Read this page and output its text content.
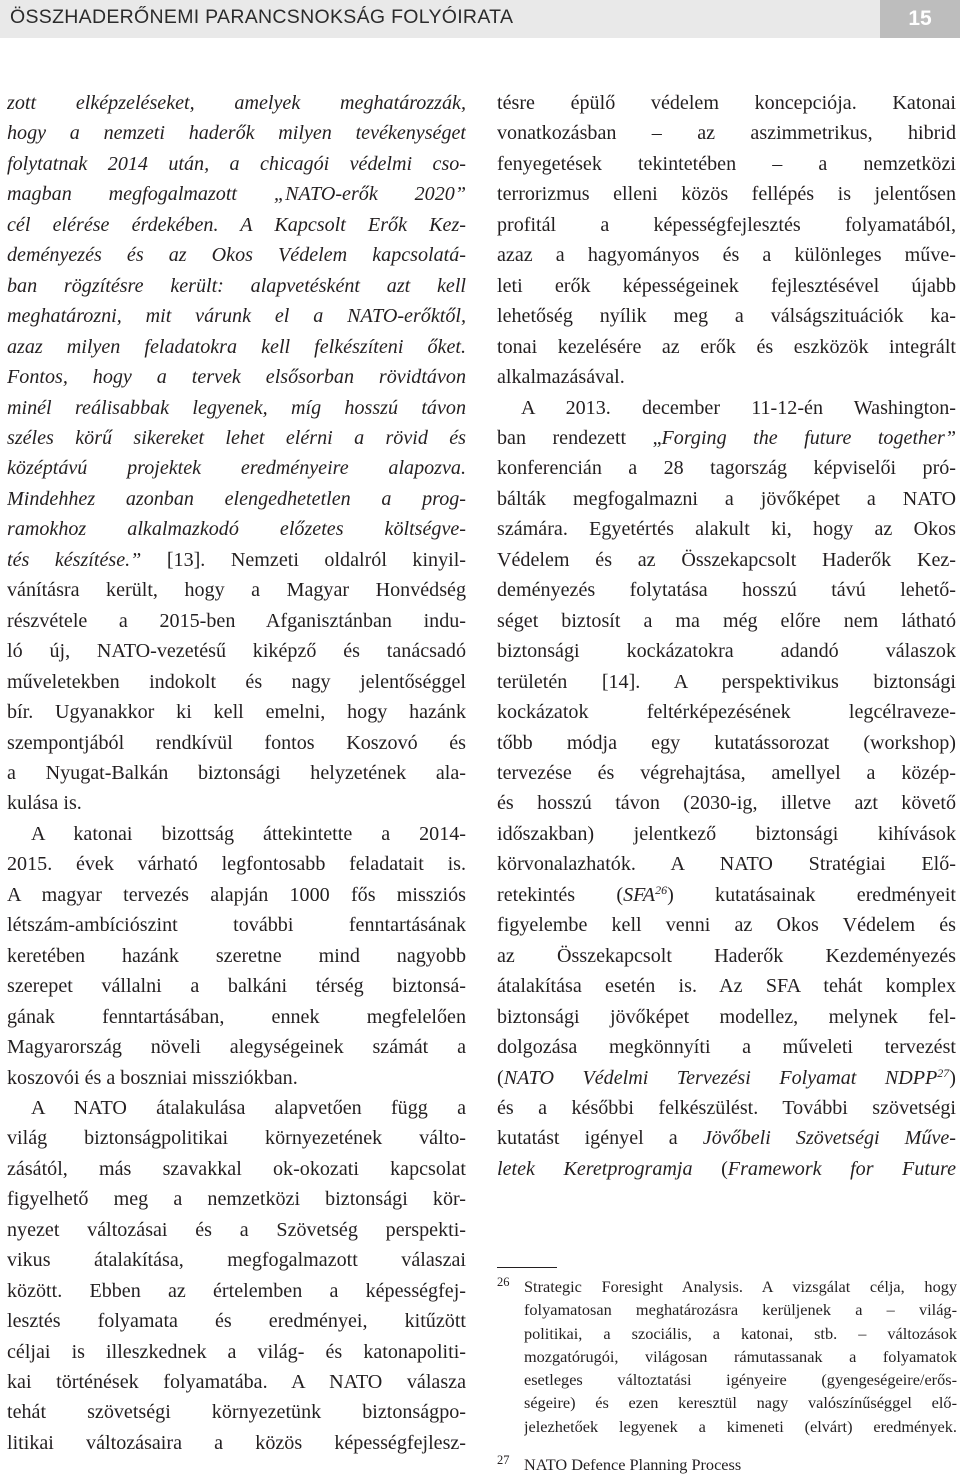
ÖSSZHADERŐNEMI PARANCSNOKSÁG FOLYÓIRATA	15

zott elképzeléseket, amelyek meghatározzák,
hogy a nemzeti haderők milyen tevékenységet
folytatnak 2014 után, a chicagói védelmi cso-
magban megfogalmazott „NATO-erők 2020”
cél elérése érdekében. A Kapcsolt Erők Kez-
deményezés és az Okos Védelem kapcsolatá-
ban rögzítésre került: alapvetésként azt kell
meghatározni, mit várunk el a NATO-erőktől,
azaz milyen feladatokra kell felkészíteni őket.
Fontos, hogy a tervek elsősorban rövidtávon
minél reálisabbak legyenek, míg hosszú távon
széles körű sikereket lehet elérni a rövid és
középtávú projektek eredményeire alapozva.
Mindehhez azonban elengedhetetlen a prog-
ramokhoz alkalmazkodó előzetes költségve-
tés készítése.” [13]. Nemzeti oldalról kinyil-
vánításra került, hogy a Magyar Honvédség
részvétele a 2015-ben Afganisztánban indu-
ló új, NATO-vezetésű kiképző és tanácsadó
műveletekben indokolt és nagy jelentőséggel
bír. Ugyanakkor ki kell emelni, hogy hazánk
szempontjából rendkívül fontos Koszovó és
a Nyugat-Balkán biztonsági helyzetének ala-
kulása is.

A katonai bizottság áttekintette a 2014-
2015. évek várható legfontosabb feladatait is.
A magyar tervezés alapján 1000 fős missziós
létszám-ambíciószint további fenntartásának
keretében hazánk szeretne mind nagyobb
szerepet vállalni a balkáni térség biztonsá-
gának fenntartásában, ennek megfelelően
Magyarország növeli alegységeinek számát a
koszovói és a boszniai missziókban.

A NATO átalakulása alapvetően függ a
világ biztonságpolitikai környezetének válto-
zásától, más szavakkal ok-okozati kapcsolat
figyelhető meg a nemzetközi biztonsági kör-
nyezet változásai és a Szövetség perspekti-
vikus átalakítása, megfogalmazott válaszai
között. Ebben az értelemben a képességfej-
lesztés folyamata és eredményei, kitűzött
céljai is illeszkednek a világ- és katonapoliti-
kai történések folyamatába. A NATO válasza
tehát szövetségi környezetünk biztonságpo-
litikai változásaira a közös képességfejlesz-

tésre épülő védelem koncepciója. Katonai
vonatkozásban – az aszimmetrikus, hibrid
fenyegetések tekintetében – a nemzetközi
terrorizmus elleni közös fellépés is jelentősen
profitál a képességfejlesztés folyamatából,
azaz a hagyományos és a különleges műve-
leti erők képességeinek fejlesztésével újabb
lehetőség nyílik meg a válságszituációk ka-
tonai kezelésére az erők és eszközök integrált
alkalmazásával.

A 2013. december 11-12-én Washington-
ban rendezett „Forging the future together”
konferencián a 28 tagország képviselői pró-
bálták megfogalmazni a jövőképet a NATO
számára. Egyetértés alakult ki, hogy az Okos
Védelem és az Összekapcsolt Haderők Kez-
deményezés folytatása hosszú távú lehető-
séget biztosít a ma még előre nem látható
biztonsági kockázatokra adandó válaszok
területén [14]. A perspektivikus biztonsági
kockázatok feltérképezésének legcélraveze-
tőbb módja egy kutatássorozat (workshop)
tervezése és végrehajtása, amellyel a közép-
és hosszú távon (2030-ig, illetve azt követő
időszakban) jelentkező biztonsági kihívások
körvonalazhatók. A NATO Stratégiai Elő-
retekintés (SFA$^{26}$) kutatásainak eredményeit
figyelembe kell venni az Okos Védelem és
az Összekapcsolt Haderők Kezdeményezés
átalakítása esetén is. Az SFA tehát komplex
biztonsági jövőképet modellez, melynek fel-
dolgozása megkönnyíti a műveleti tervezést
(NATO Védelmi Tervezési Folyamat NDPP$^{27}$)
és a későbbi felkészülést. További szövetségi
kutatást igényel a Jövőbeli Szövetségi Műve-
letek Keretprogramja (Framework for Future

26 Strategic Foresight Analysis. A vizsgálat célja, hogy
folyamatosan meghatározásra kerüljenek a – világ-
politikai, a szociális, a katonai, stb. – változások
mozgatórugói, világosan rámutassanak a folyamatok
esetleges változtatási igényeire (gyengeségeire/erős-
ségeire) és ezen keresztül nagy valószínűséggel elő-
jelezhetőek legyenek a kimeneti (elvárt) eredmények.
27 NATO Defence Planning Process
